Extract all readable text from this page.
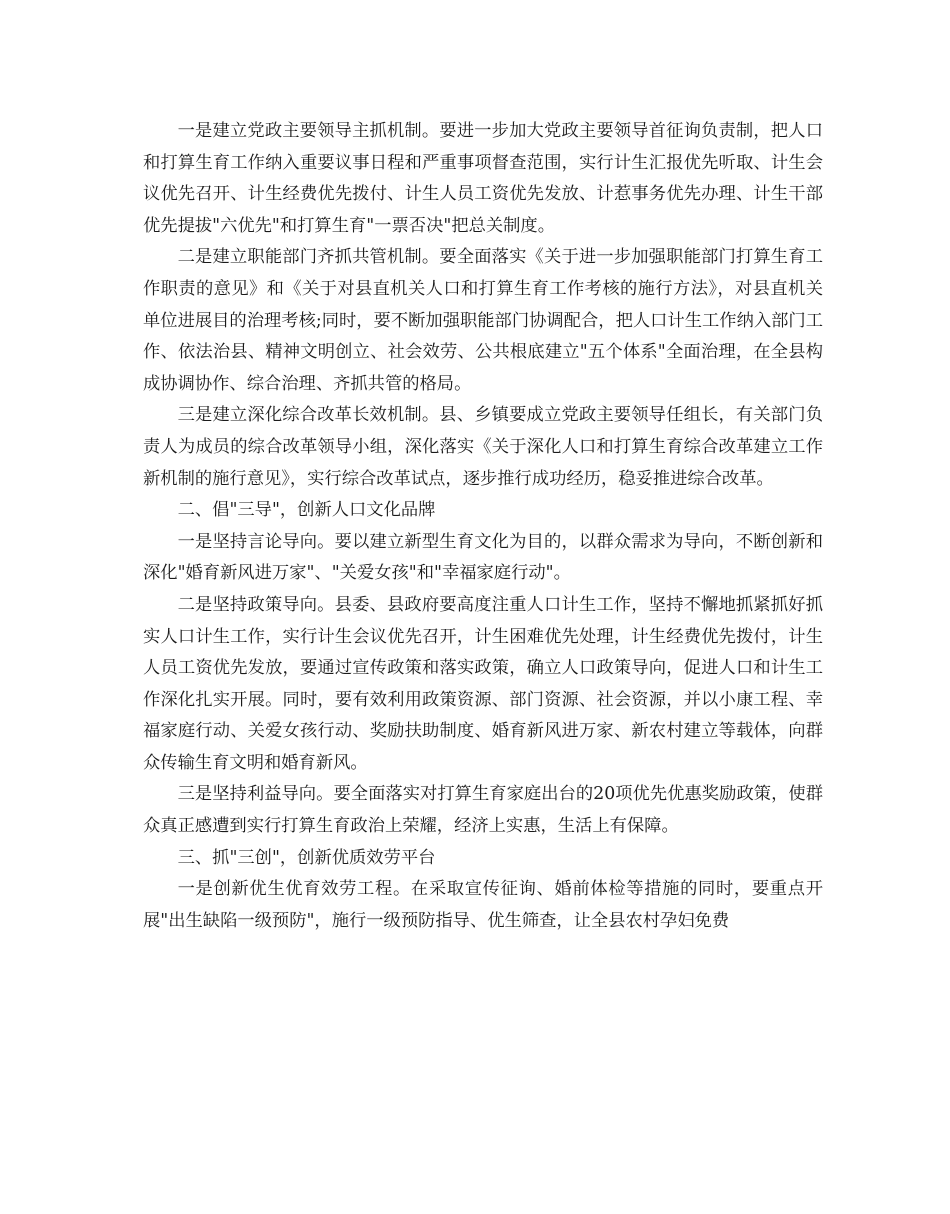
一是建立党政主要领导主抓机制。要进一步加大党政主要领导首征询负责制，把人口和打算生育工作纳入重要议事日程和严重事项督查范围，实行计生汇报优先听取、计生会议优先召开、计生经费优先拨付、计生人员工资优先发放、计惹事务优先办理、计生干部优先提拔"六优先"和打算生育"一票否决"把总关制度。

二是建立职能部门齐抓共管机制。要全面落实《关于进一步加强职能部门打算生育工作职责的意见》和《关于对县直机关人口和打算生育工作考核的施行方法》，对县直机关单位进展目的治理考核;同时，要不断加强职能部门协调配合，把人口计生工作纳入部门工作、依法治县、精神文明创立、社会效劳、公共根底建立"五个体系"全面治理，在全县构成协调协作、综合治理、齐抓共管的格局。

三是建立深化综合改革长效机制。县、乡镇要成立党政主要领导任组长，有关部门负责人为成员的综合改革领导小组，深化落实《关于深化人口和打算生育综合改革建立工作新机制的施行意见》，实行综合改革试点，逐步推行成功经历，稳妥推进综合改革。

二、倡"三导"，创新人口文化品牌

一是坚持言论导向。要以建立新型生育文化为目的，以群众需求为导向，不断创新和深化"婚育新风进万家"、"关爱女孩"和"幸福家庭行动"。

二是坚持政策导向。县委、县政府要高度注重人口计生工作，坚持不懈地抓紧抓好抓实人口计生工作，实行计生会议优先召开，计生困难优先处理，计生经费优先拨付，计生人员工资优先发放，要通过宣传政策和落实政策，确立人口政策导向，促进人口和计生工作深化扎实开展。同时，要有效利用政策资源、部门资源、社会资源，并以小康工程、幸福家庭行动、关爱女孩行动、奖励扶助制度、婚育新风进万家、新农村建立等载体，向群众传输生育文明和婚育新风。

三是坚持利益导向。要全面落实对打算生育家庭出台的20项优先优惠奖励政策，使群众真正感遭到实行打算生育政治上荣耀，经济上实惠，生活上有保障。

三、抓"三创"，创新优质效劳平台

一是创新优生优育效劳工程。在采取宣传征询、婚前体检等措施的同时，要重点开展"出生缺陷一级预防"，施行一级预防指导、优生筛查，让全县农村孕妇免费
